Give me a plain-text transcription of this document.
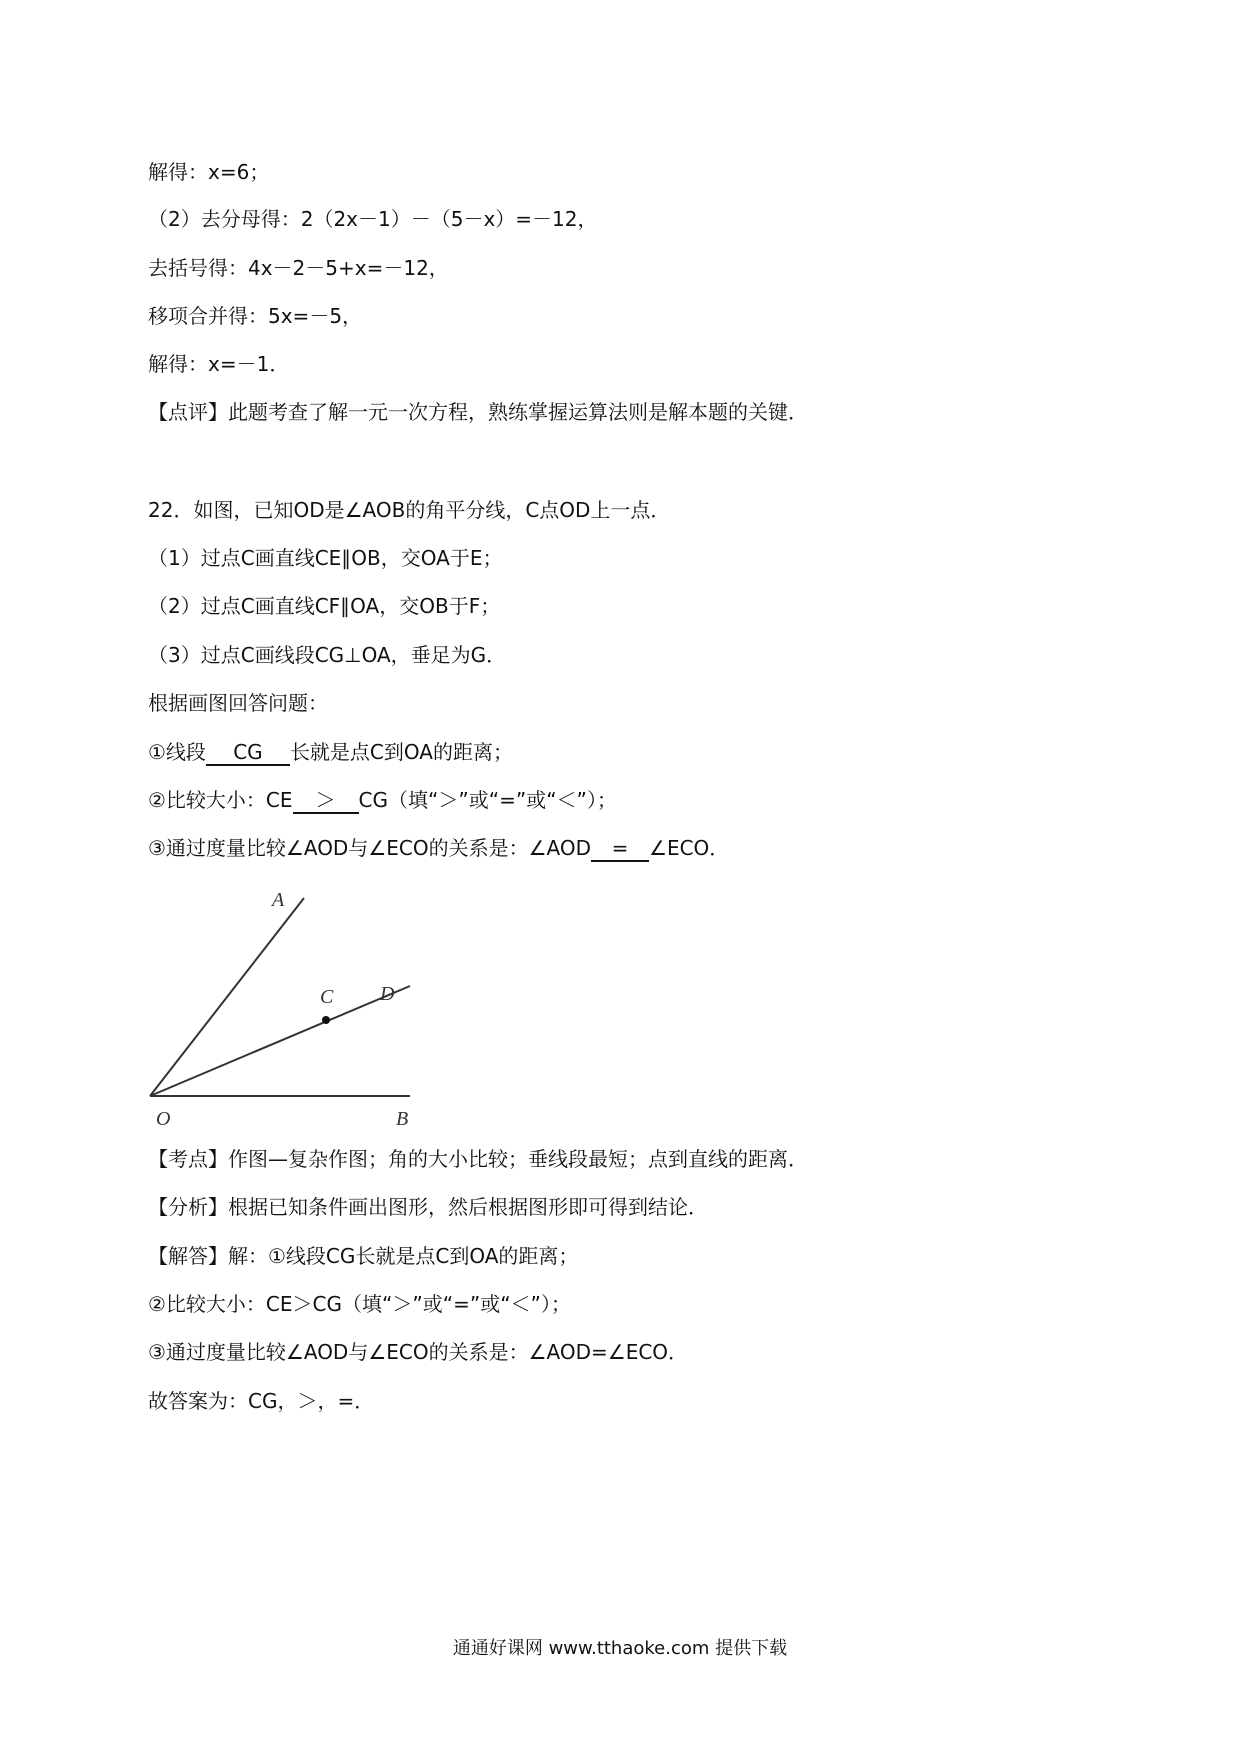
解得：x=6；
（2）去分母得：2（2x－1）－（5－x）=－12，
去括号得：4x－2－5+x=－12，
移项合并得：5x=－5，
解得：x=－1．
【点评】此题考查了解一元一次方程，熟练掌握运算法则是解本题的关键．
22．如图，已知OD是∠AOB的角平分线，C点OD上一点．
（1）过点C画直线CE∥OB，交OA于E；
（2）过点C画直线CF∥OA，交OB于F；
（3）过点C画线段CG⊥OA，垂足为G．
根据画图回答问题：
①线段 CG 长就是点C到OA的距离；
②比较大小：CE ＞ CG（填“＞”或“=”或“＜”）；
③通过度量比较∠AOD与∠ECO的关系是：∠AOD = ∠ECO．
A
C D
O	B
【考点】作图—复杂作图；角的大小比较；垂线段最短；点到直线的距离．
【分析】根据已知条件画出图形，然后根据图形即可得到结论．
【解答】解：①线段CG长就是点C到OA的距离；
②比较大小：CE＞CG（填“＞”或“=”或“＜”）；
③通过度量比较∠AOD与∠ECO的关系是：∠AOD=∠ECO．
故答案为：CG，＞，=．
通通好课网 www.tthaoke.com 提供下载
